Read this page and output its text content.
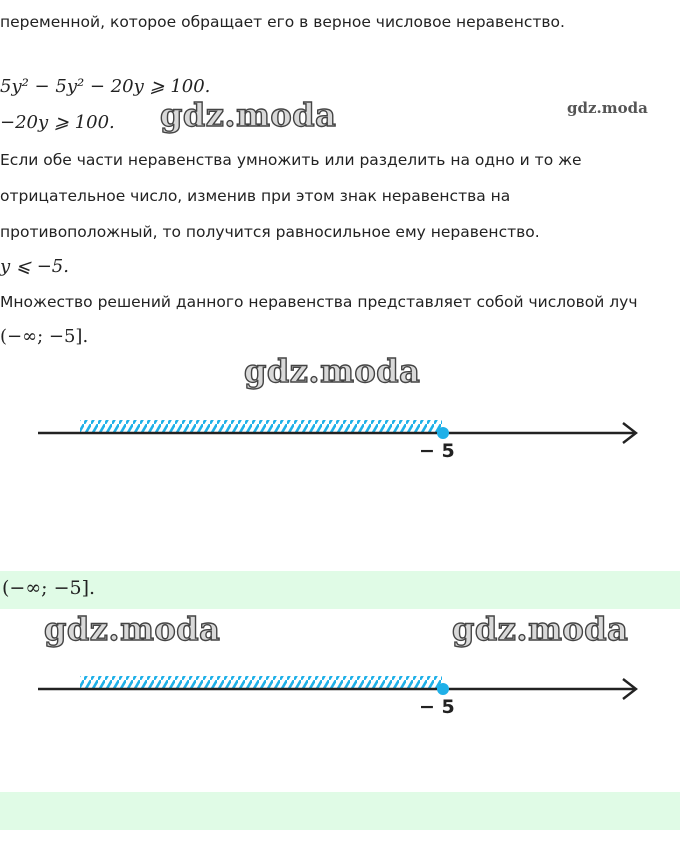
переменной, которое обращает его в верное числовое неравенство.
5y² − 5y² − 20y ⩾ 100.
−20y ⩾ 100. gdz.moda	gdz.moda
Если обе части неравенства умножить или разделить на одно и то же
отрицательное число, изменив при этом знак неравенства на
противоположный, то получится равносильное ему неравенство.
y ⩽ −5.
Множество решений данного неравенства представляет собой числовой луч
(−∞; −5].
gdz.moda
− 5
(−∞; −5].
gdz.moda	gdz.moda
− 5
